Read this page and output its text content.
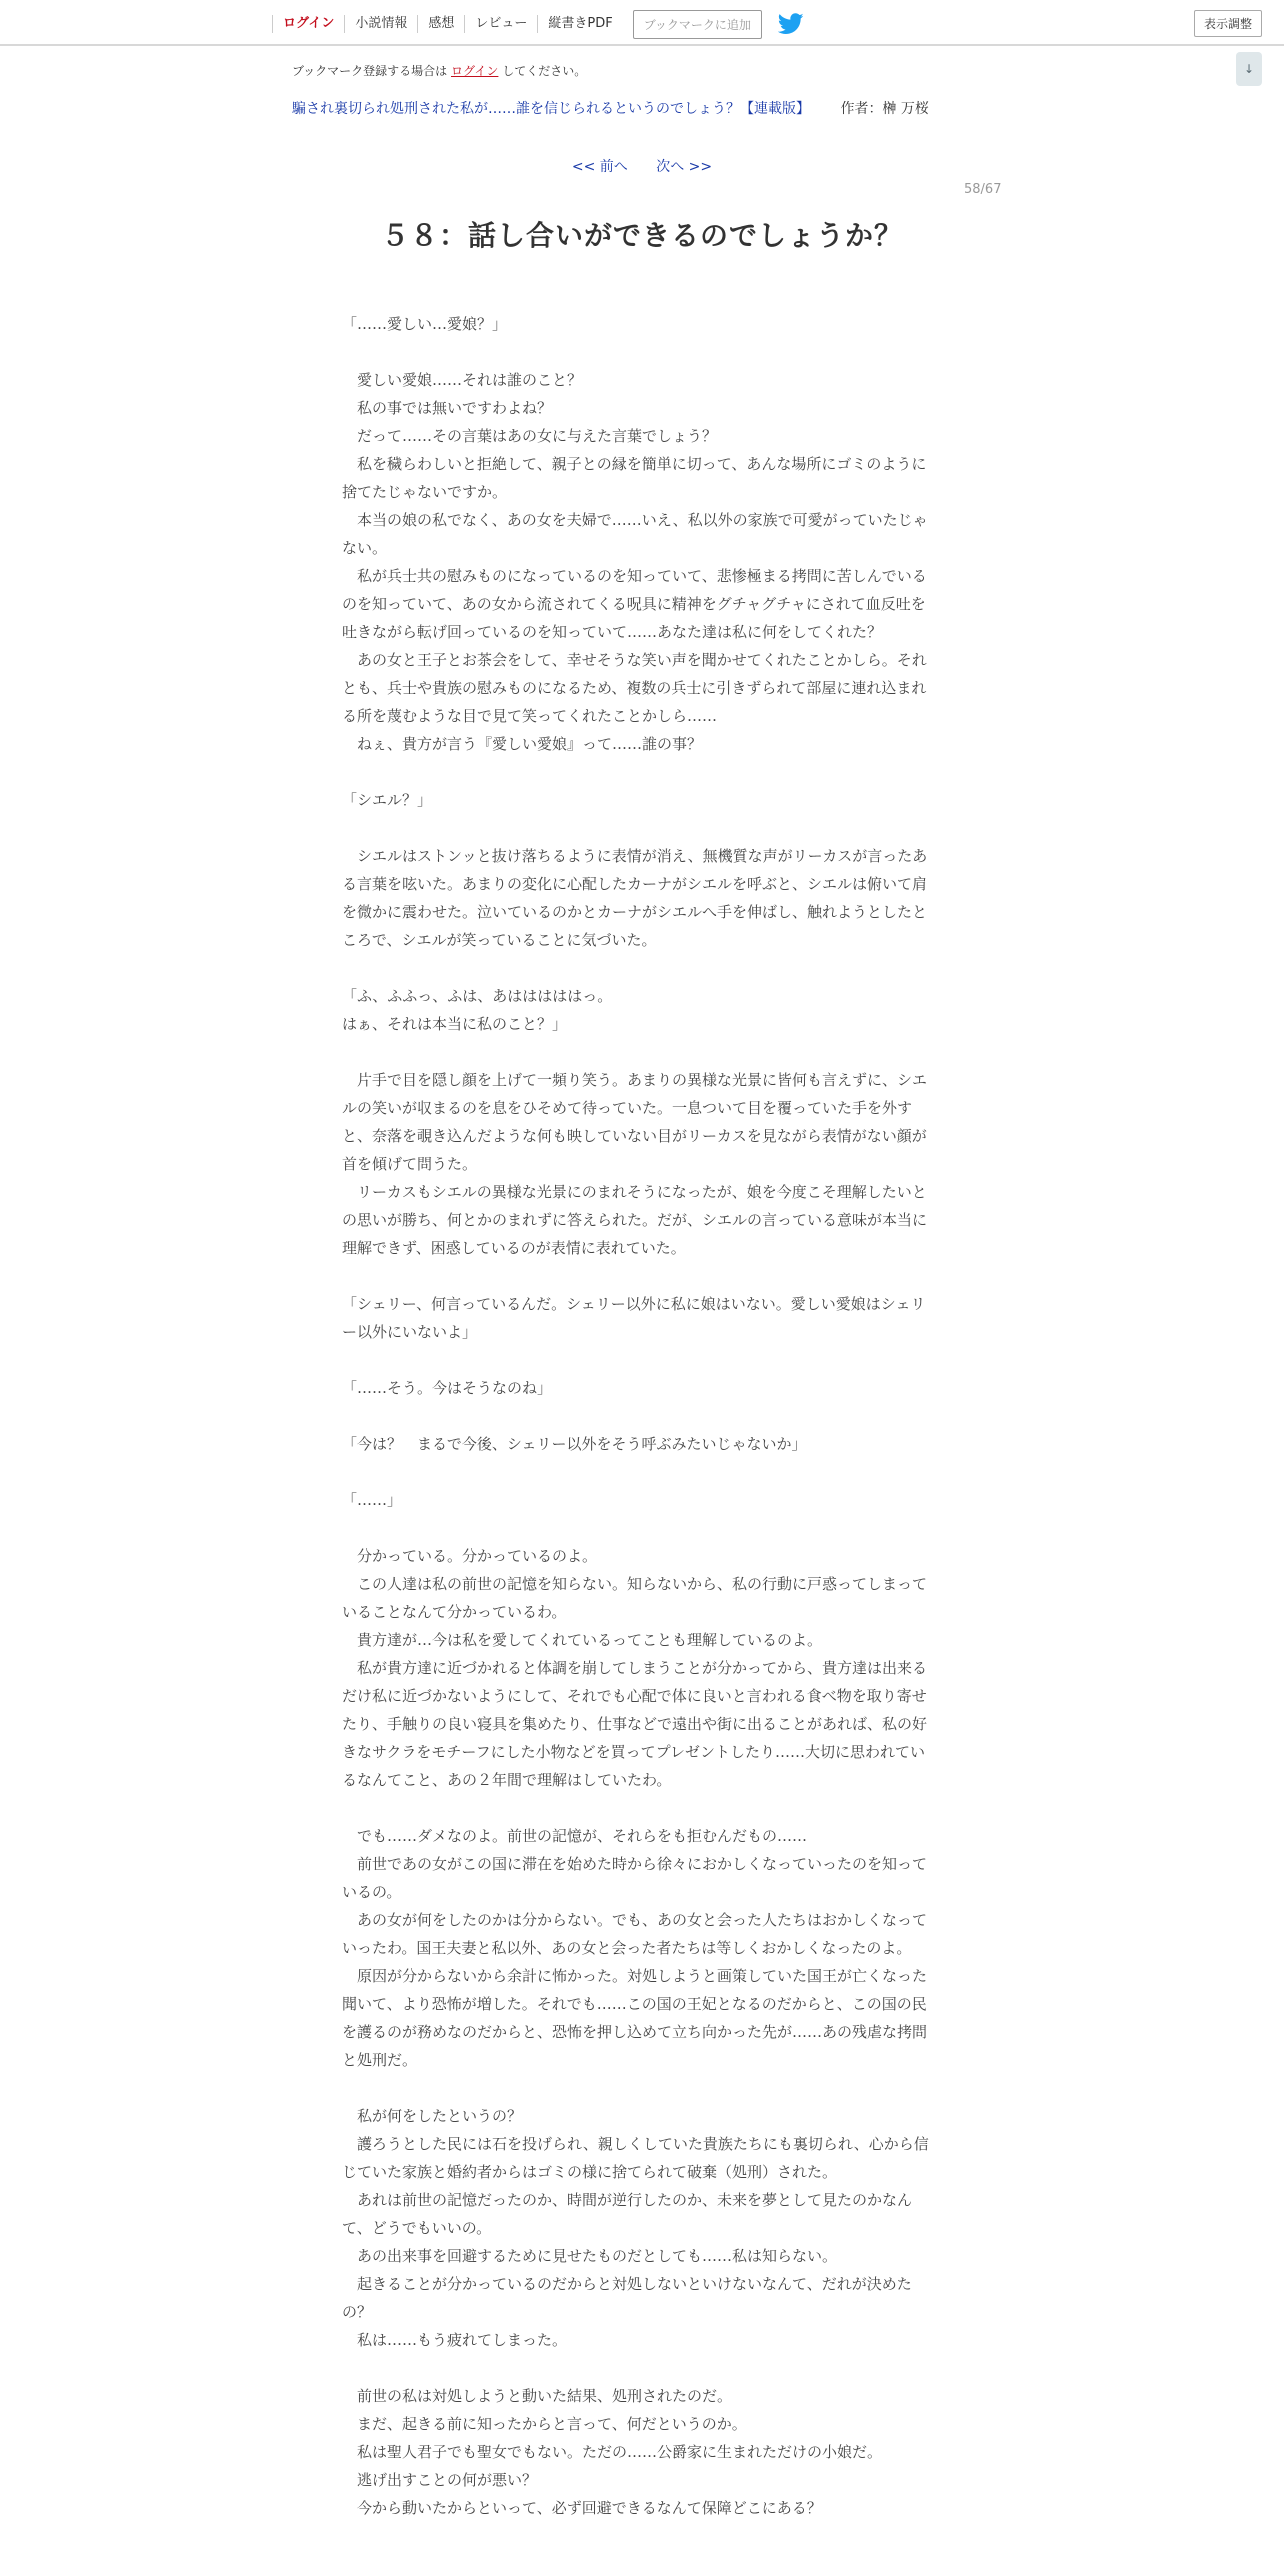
ログイン	小説情報	感想	レビュー	縦書きPDF	ブックマークに追加	表示調整
↓
ブックマーク登録する場合は ログイン してください。
騙され裏切られ処刑された私が……誰を信じられるというのでしょう？【連載版】 作者：榊 万桜
<< 前へ 次へ >>
58/67
５８：話し合いができるのでしょうか？

「……愛しい…愛娘？」

　愛しい愛娘……それは誰のこと？

　私の事では無いですわよね？

　だって……その言葉はあの女に与えた言葉でしょう？

　私を穢らわしいと拒絶して、親子との縁を簡単に切って、あんな場所にゴミのように捨てたじゃないですか。

　本当の娘の私でなく、あの女を夫婦で……いえ、私以外の家族で可愛がっていたじゃない。

　私が兵士共の慰みものになっているのを知っていて、悲惨極まる拷問に苦しんでいるのを知っていて、あの女から流されてくる呪具に精神をグチャグチャにされて血反吐を吐きながら転げ回っているのを知っていて……あなた達は私に何をしてくれた？

　あの女と王子とお茶会をして、幸せそうな笑い声を聞かせてくれたことかしら。それとも、兵士や貴族の慰みものになるため、複数の兵士に引きずられて部屋に連れ込まれる所を蔑むような目で見て笑ってくれたことかしら……

　ねぇ、貴方が言う『愛しい愛娘』って……誰の事？

「シエル？」

　シエルはストンッと抜け落ちるように表情が消え、無機質な声がリーカスが言ったある言葉を呟いた。あまりの変化に心配したカーナがシエルを呼ぶと、シエルは俯いて肩を微かに震わせた。泣いているのかとカーナがシエルへ手を伸ばし、触れようとしたところで、シエルが笑っていることに気づいた。

「ふ、ふふっ、ふは、あはははははっ。

はぁ、それは本当に私のこと？」

　片手で目を隠し顔を上げて一頻り笑う。あまりの異様な光景に皆何も言えずに、シエルの笑いが収まるのを息をひそめて待っていた。一息ついて目を覆っていた手を外すと、奈落を覗き込んだような何も映していない目がリーカスを見ながら表情がない顔が首を傾げて問うた。

　リーカスもシエルの異様な光景にのまれそうになったが、娘を今度こそ理解したいとの思いが勝ち、何とかのまれずに答えられた。だが、シエルの言っている意味が本当に理解できず、困惑しているのが表情に表れていた。

「シェリー、何言っているんだ。シェリー以外に私に娘はいない。愛しい愛娘はシェリー以外にいないよ」

「……そう。今はそうなのね」

「今は？　まるで今後、シェリー以外をそう呼ぶみたいじゃないか」

「……」

　分かっている。分かっているのよ。

　この人達は私の前世の記憶を知らない。知らないから、私の行動に戸惑ってしまっていることなんて分かっているわ。

　貴方達が…今は私を愛してくれているってことも理解しているのよ。

　私が貴方達に近づかれると体調を崩してしまうことが分かってから、貴方達は出来るだけ私に近づかないようにして、それでも心配で体に良いと言われる食べ物を取り寄せたり、手触りの良い寝具を集めたり、仕事などで遠出や街に出ることがあれば、私の好きなサクラをモチーフにした小物などを買ってプレゼントしたり……大切に思われているなんてこと、あの２年間で理解はしていたわ。

　でも……ダメなのよ。前世の記憶が、それらをも拒むんだもの……

　前世であの女がこの国に滞在を始めた時から徐々におかしくなっていったのを知っているの。

　あの女が何をしたのかは分からない。でも、あの女と会った人たちはおかしくなっていったわ。国王夫妻と私以外、あの女と会った者たちは等しくおかしくなったのよ。

　原因が分からないから余計に怖かった。対処しようと画策していた国王が亡くなった聞いて、より恐怖が増した。それでも……この国の王妃となるのだからと、この国の民を護るのが務めなのだからと、恐怖を押し込めて立ち向かった先が……あの残虐な拷問と処刑だ。

　私が何をしたというの？

　護ろうとした民には石を投げられ、親しくしていた貴族たちにも裏切られ、心から信じていた家族と婚約者からはゴミの様に捨てられて破棄（処刑）された。

　あれは前世の記憶だったのか、時間が逆行したのか、未来を夢として見たのかなんて、どうでもいいの。

　あの出来事を回避するために見せたものだとしても……私は知らない。

　起きることが分かっているのだからと対処しないといけないなんて、だれが決めたの？

　私は……もう疲れてしまった。

　前世の私は対処しようと動いた結果、処刑されたのだ。

　まだ、起きる前に知ったからと言って、何だというのか。

　私は聖人君子でも聖女でもない。ただの……公爵家に生まれただけの小娘だ。

　逃げ出すことの何が悪い？

　今から動いたからといって、必ず回避できるなんて保障どこにある？
